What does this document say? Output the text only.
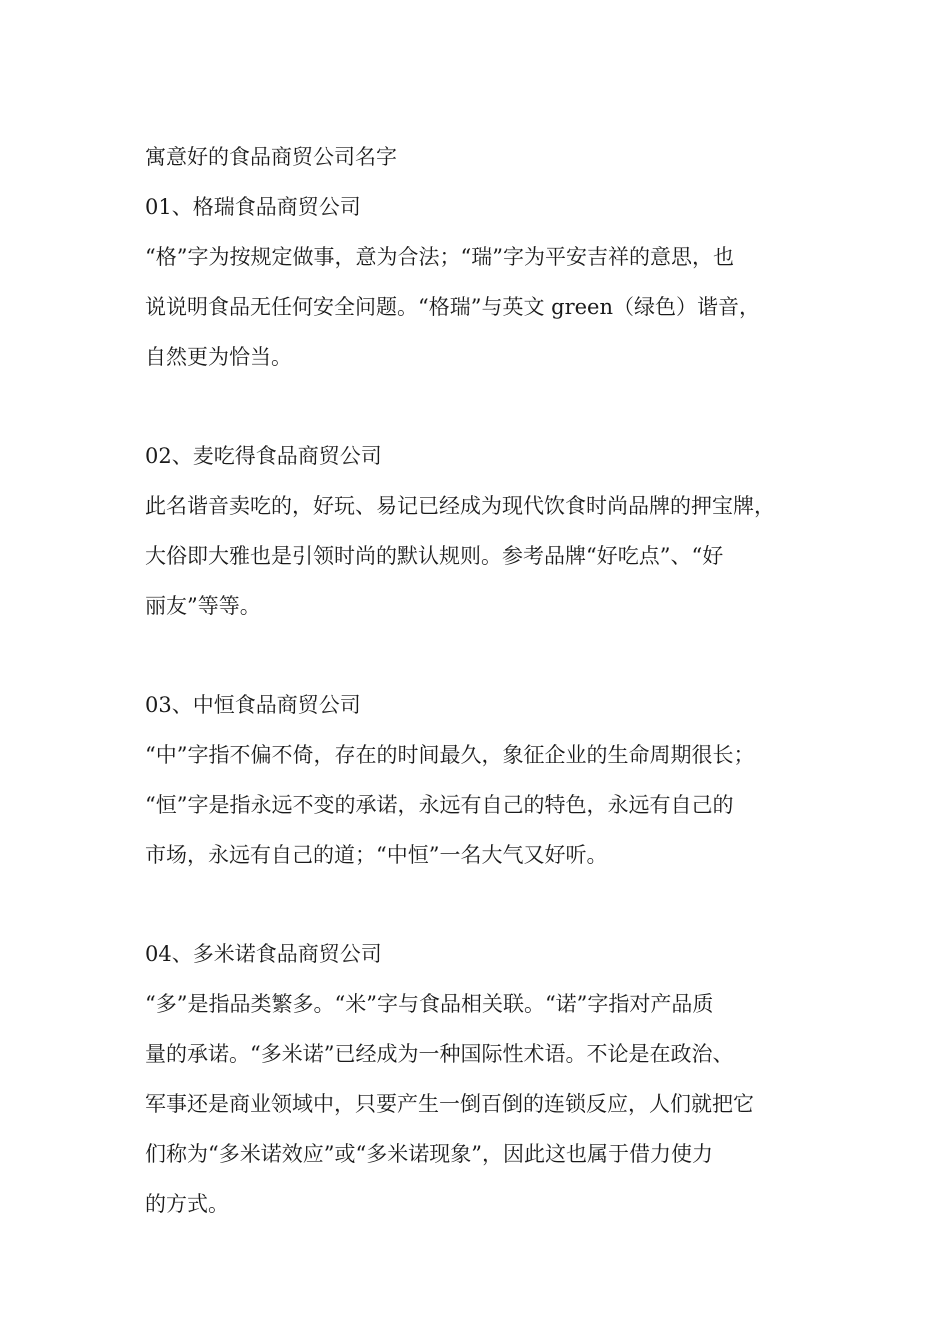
寓意好的食品商贸公司名字
01、格瑞食品商贸公司
“格”字为按规定做事，意为合法；“瑞”字为平安吉祥的意思，也
说说明食品无任何安全问题。“格瑞”与英文 green（绿色）谐音，
自然更为恰当。
02、麦吃得食品商贸公司
此名谐音卖吃的，好玩、易记已经成为现代饮食时尚品牌的押宝牌，
大俗即大雅也是引领时尚的默认规则。参考品牌“好吃点”、“好
丽友”等等。
03、中恒食品商贸公司
“中”字指不偏不倚，存在的时间最久，象征企业的生命周期很长；
“恒”字是指永远不变的承诺，永远有自己的特色，永远有自己的
市场，永远有自己的道；“中恒”一名大气又好听。
04、多米诺食品商贸公司
“多”是指品类繁多。“米”字与食品相关联。“诺”字指对产品质
量的承诺。“多米诺”已经成为一种国际性术语。不论是在政治、
军事还是商业领域中，只要产生一倒百倒的连锁反应，人们就把它
们称为“多米诺效应”或“多米诺现象”，因此这也属于借力使力
的方式。
